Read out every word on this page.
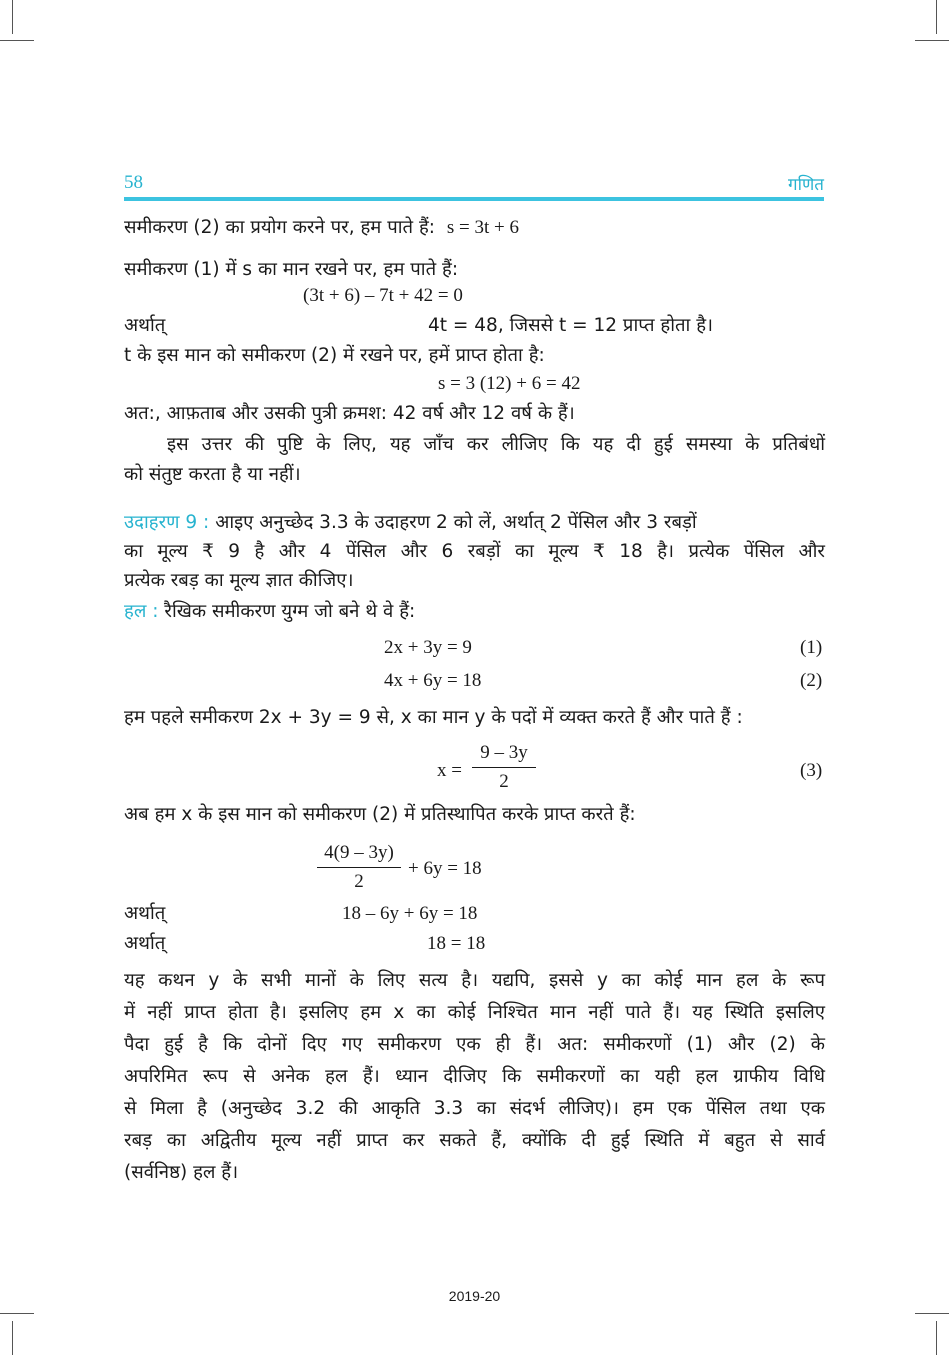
58	गणित
समीकरण (2) का प्रयोग करने पर, हम पाते हैं: s = 3t + 6
समीकरण (1) में s का मान रखने पर, हम पाते हैं:
(3t + 6) – 7t + 42 = 0
अर्थात्	4t = 48, जिससे t = 12 प्राप्त होता है।
t के इस मान को समीकरण (2) में रखने पर, हमें प्राप्त होता है:
s = 3 (12) + 6 = 42
अत:, आफ़ताब और उसकी पुत्री क्रमश: 42 वर्ष और 12 वर्ष के हैं।
इस उत्तर की पुष्टि के लिए, यह जाँच कर लीजिए कि यह दी हुई समस्या के प्रतिबंधों
को संतुष्ट करता है या नहीं।
उदाहरण 9 : आइए अनुच्छेद 3.3 के उदाहरण 2 को लें, अर्थात् 2 पेंसिल और 3 रबड़ों
का मूल्य ₹ 9 है और 4 पेंसिल और 6 रबड़ों का मूल्य ₹ 18 है। प्रत्येक पेंसिल और
प्रत्येक रबड़ का मूल्य ज्ञात कीजिए।
हल : रैखिक समीकरण युग्म जो बने थे वे हैं:
2x + 3y = 9	(1)
4x + 6y = 18	(2)
हम पहले समीकरण 2x + 3y = 9 से, x का मान y के पदों में व्यक्त करते हैं और पाते हैं :
x =
9 – 3y
2
(3)
अब हम x के इस मान को समीकरण (2) में प्रतिस्थापित करके प्राप्त करते हैं:
4(9 – 3y)
2
+ 6y = 18
अर्थात्	18 – 6y + 6y = 18
अर्थात्	18 = 18
यह कथन y के सभी मानों के लिए सत्य है। यद्यपि, इससे y का कोई मान हल के रूप
में नहीं प्राप्त होता है। इसलिए हम x का कोई निश्चित मान नहीं पाते हैं। यह स्थिति इसलिए
पैदा हुई है कि दोनों दिए गए समीकरण एक ही हैं। अत: समीकरणों (1) और (2) के
अपरिमित रूप से अनेक हल हैं। ध्यान दीजिए कि समीकरणों का यही हल ग्राफीय विधि
से मिला है (अनुच्छेद 3.2 की आकृति 3.3 का संदर्भ लीजिए)। हम एक पेंसिल तथा एक
रबड़ का अद्वितीय मूल्य नहीं प्राप्त कर सकते हैं, क्योंकि दी हुई स्थिति में बहुत से सार्व
(सर्वनिष्ठ) हल हैं।
2019-20
